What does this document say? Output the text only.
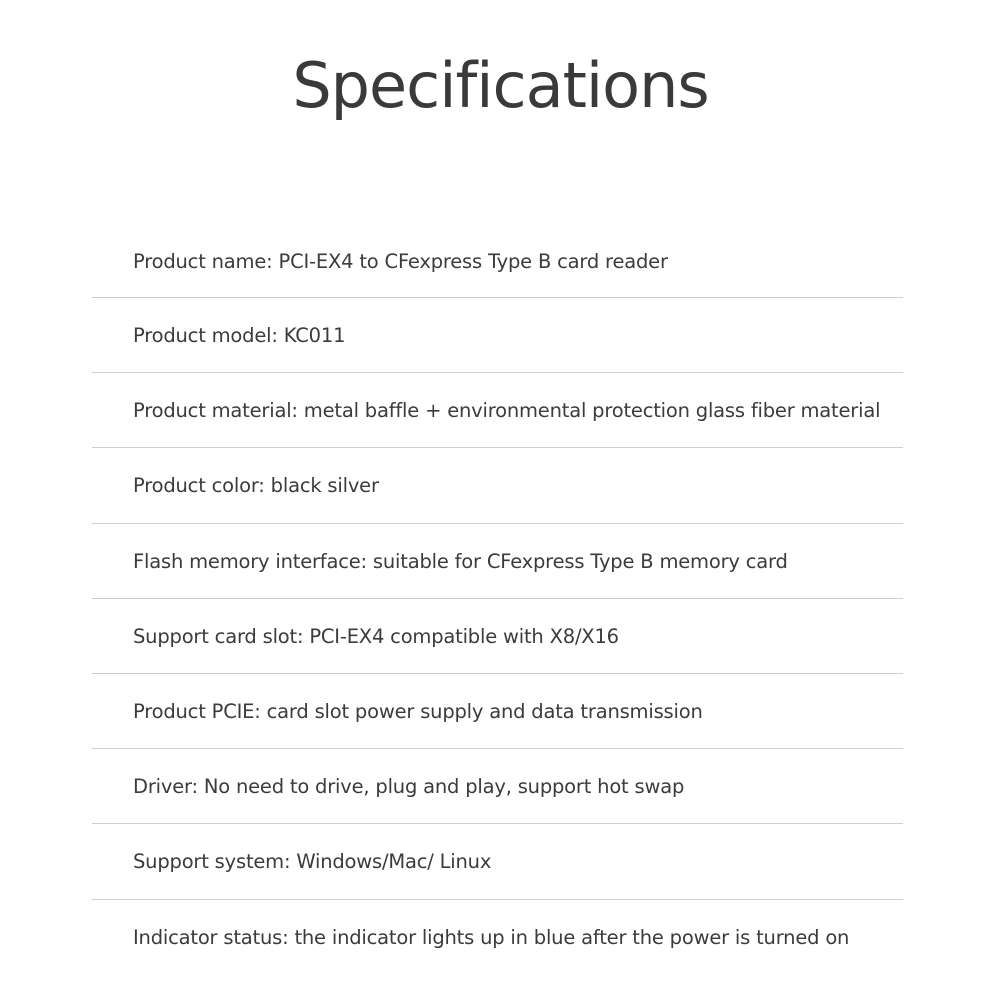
Specifications
Product name: PCI-EX4 to CFexpress Type B card reader
Product model: KC011
Product material: metal baffle + environmental protection glass fiber material
Product color: black silver
Flash memory interface: suitable for CFexpress Type B memory card
Support card slot: PCI-EX4 compatible with X8/X16
Product PCIE: card slot power supply and data transmission
Driver: No need to drive, plug and play, support hot swap
Support system: Windows/Mac/ Linux
Indicator status: the indicator lights up in blue after the power is turned on
